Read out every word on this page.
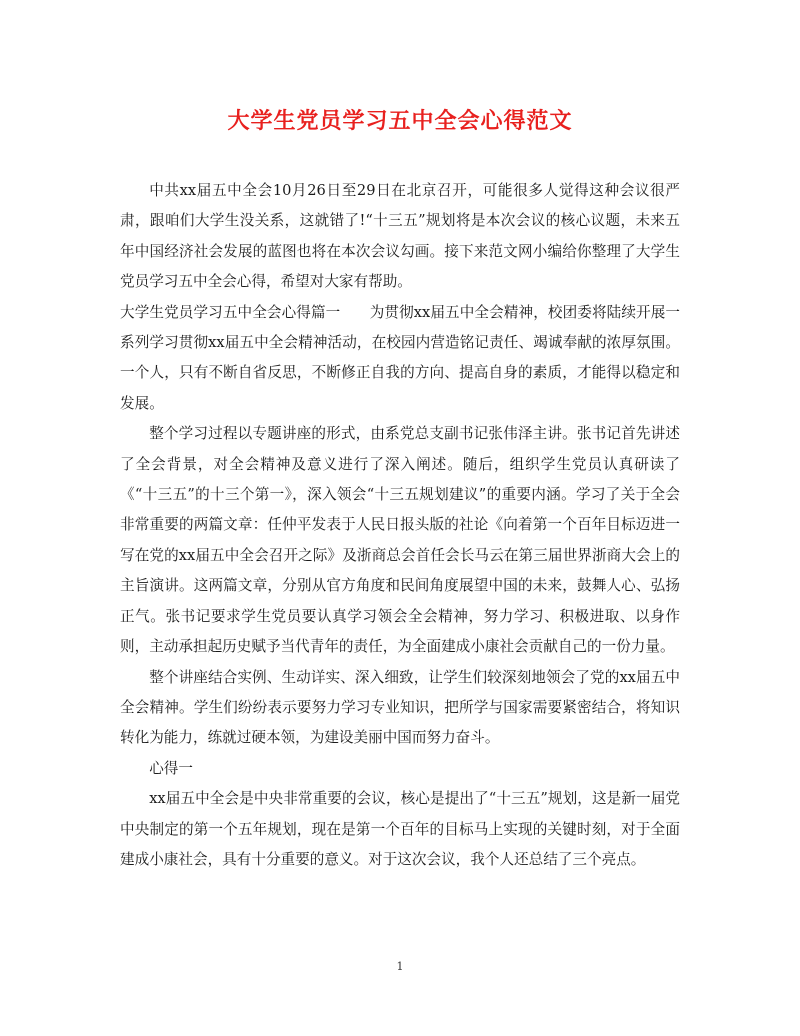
大学生党员学习五中全会心得范文

中共xx届五中全会10月26日至29日在北京召开，可能很多人觉得这种会议很严肃，跟咱们大学生没关系，这就错了!“十三五”规划将是本次会议的核心议题，未来五年中国经济社会发展的蓝图也将在本次会议勾画。接下来范文网小编给你整理了大学生党员学习五中全会心得，希望对大家有帮助。

大学生党员学习五中全会心得篇一　　为贯彻xx届五中全会精神，校团委将陆续开展一系列学习贯彻xx届五中全会精神活动，在校园内营造铭记责任、竭诚奉献的浓厚氛围。一个人，只有不断自省反思，不断修正自我的方向、提高自身的素质，才能得以稳定和发展。

整个学习过程以专题讲座的形式，由系党总支副书记张伟泽主讲。张书记首先讲述了全会背景，对全会精神及意义进行了深入阐述。随后，组织学生党员认真研读了《“十三五”的十三个第一》，深入领会“十三五规划建议”的重要内涵。学习了关于全会非常重要的两篇文章：任仲平发表于人民日报头版的社论《向着第一个百年目标迈进一写在党的xx届五中全会召开之际》及浙商总会首任会长马云在第三届世界浙商大会上的主旨演讲。这两篇文章，分别从官方角度和民间角度展望中国的未来，鼓舞人心、弘扬正气。张书记要求学生党员要认真学习领会全会精神，努力学习、积极进取、以身作则，主动承担起历史赋予当代青年的责任，为全面建成小康社会贡献自己的一份力量。

整个讲座结合实例、生动详实、深入细致，让学生们较深刻地领会了党的xx届五中全会精神。学生们纷纷表示要努力学习专业知识，把所学与国家需要紧密结合，将知识转化为能力，练就过硬本领，为建设美丽中国而努力奋斗。

心得一

xx届五中全会是中央非常重要的会议，核心是提出了“十三五”规划，这是新一届党中央制定的第一个五年规划，现在是第一个百年的目标马上实现的关键时刻，对于全面建成小康社会，具有十分重要的意义。对于这次会议，我个人还总结了三个亮点。

1
